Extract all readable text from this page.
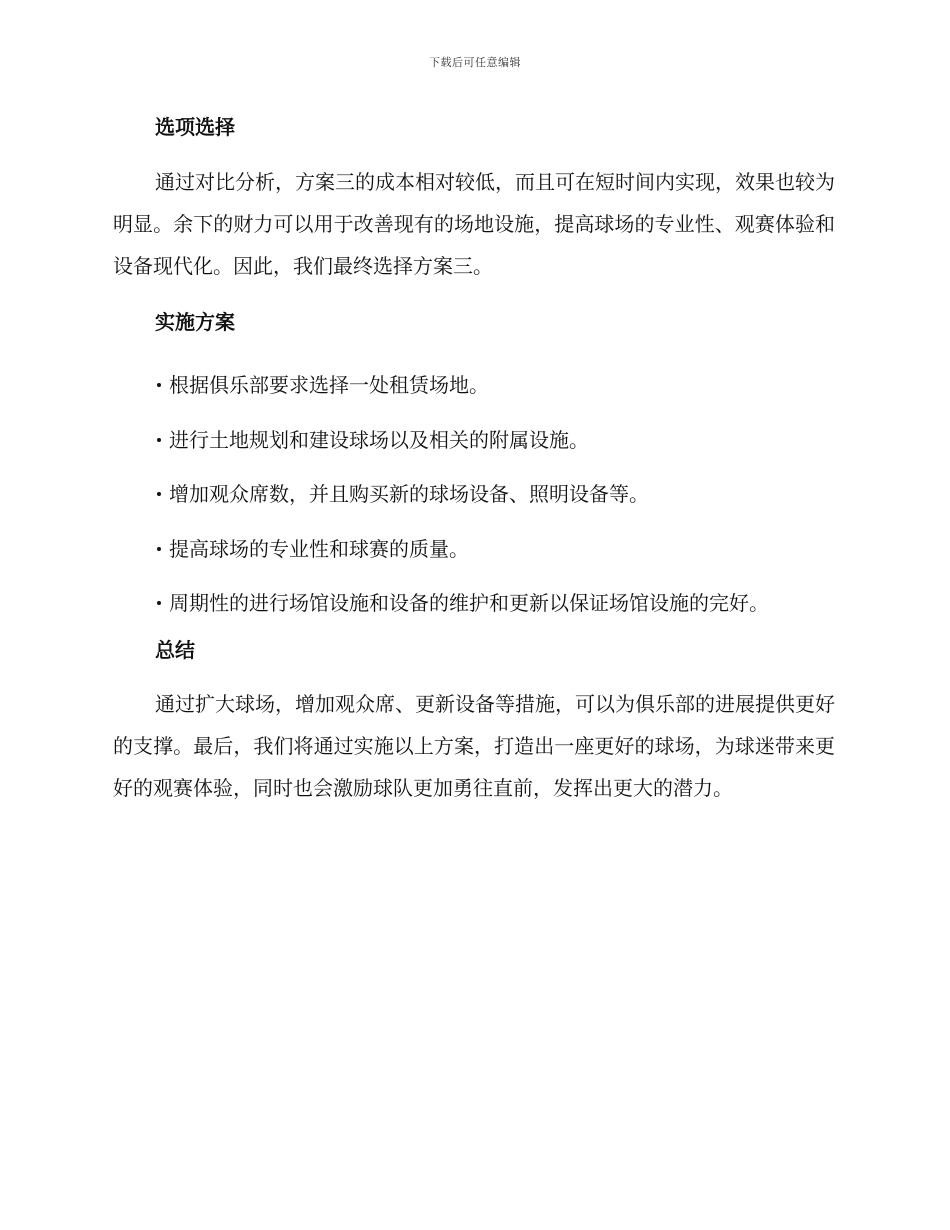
下载后可任意编辑
选项选择

通过对比分析，方案三的成本相对较低，而且可在短时间内实现，效果也较为明显。余下的财力可以用于改善现有的场地设施，提高球场的专业性、观赛体验和设备现代化。因此，我们最终选择方案三。

实施方案
根据俱乐部要求选择一处租赁场地。
进行土地规划和建设球场以及相关的附属设施。
增加观众席数，并且购买新的球场设备、照明设备等。
提高球场的专业性和球赛的质量。
周期性的进行场馆设施和设备的维护和更新以保证场馆设施的完好。
总结

通过扩大球场，增加观众席、更新设备等措施，可以为俱乐部的进展提供更好的支撑。最后，我们将通过实施以上方案，打造出一座更好的球场，为球迷带来更好的观赛体验，同时也会激励球队更加勇往直前，发挥出更大的潜力。
